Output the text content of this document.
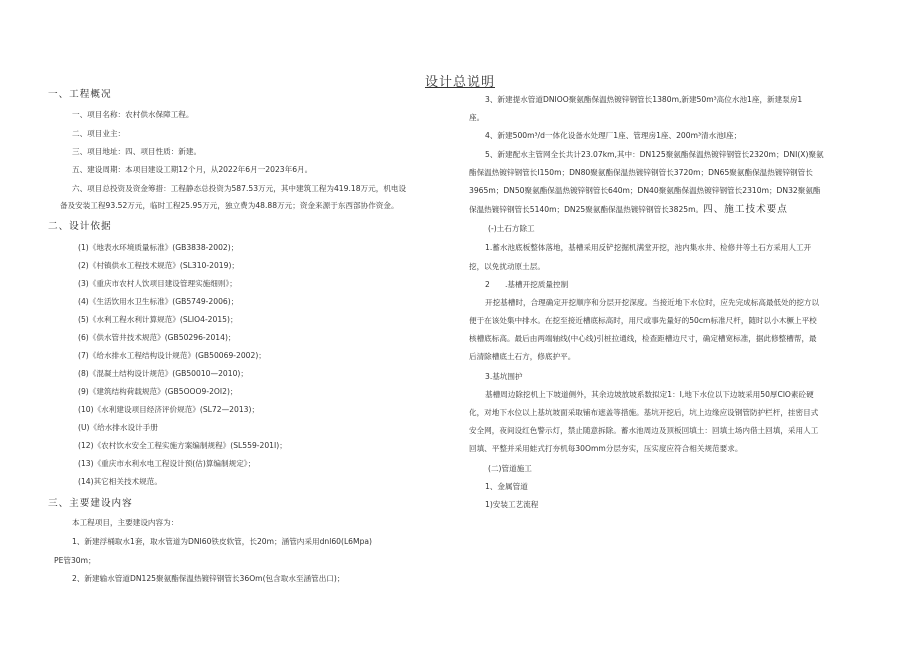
设计总说明
一、工程概况
一、项目名称：农村供水保障工程。
二、项目业主：
三、项目地址：四、项目性质：新建。
五、建设周期：本项目建设工期12个月，从2022年6月一2023年6月。
六、项目总投资及资金筹措：工程静态总投资为587.53万元，其中建筑工程为419.18万元，机电设
备及安装工程93.52万元，临时工程25.95万元，独立费为48.88万元；资金来源于东西部协作资金。
二、设计依据
(1)《地表水环境质量标准》(GB3838-2002)；
(2)《村镇供水工程技术规范》(SL310-2019)；
(3)《重庆市农村人饮项目建设管理实施细则》；
(4)《生活饮用水卫生标准》(GB5749-2006)；
(5)《水利工程水利计算规范》(SLIO4-2015)；
(6)《供水管井技术规范》(GB50296-2014)；
(7)《给水排水工程结构设计规范》(GB50069-2002)；
(8)《混凝土结构设计规范》(GB50010—2010)；
(9)《建筑结构荷载规范》(GB5OOO9-2OI2)；
(10)《水利建设项目经济评价规范》(SL72—2013)；
(U)《给水排水设计手册
(12)《农村饮水安全工程实施方案编制规程》(SL559-201I)；
(13)《重庆市水利水电工程设计预(估)算编制规定》；
(14)其它相关技术规范。
三、主要建设内容
本工程项目，主要建设内容为：
1、新建浮桶取水1套，取水管道为DNI60铁皮软管，长20m；涵管内采用dnl60(L6Mpa)
PE管30m；
2、新建输水管道DN125聚氨酯保温热镀锌钢管长36Om(包含取水至涵管出口)；
3、新建提水管道DNIOO聚氨酯保温热镀锌钢管长1380m,新建50m³高位水池1座，新建泵房1
座。
4、新建500m³/d一体化设备水处理厂1座、管理房1座、200m³清水池I座；
5、新建配水主管网全长共计23.07km,其中：DN125聚氨酯保温热镀锌钢管长2320m；DNI(X)聚氨
酯保温热镀锌钢管长I150m；DN80聚氨酯保温热镀锌钢管长3720m；DN65聚氨酯保温热镀锌钢管长
3965m；DN50聚氨酯保温热镀锌钢管长640m；DN40聚氨酯保温热镀锌钢管长2310m；DN32聚氨酯
保温热镀锌钢管长5140m；DN25聚氨酯保温热镀锌钢管长3825m。四、施工技术要点
(-)土石方除工
1.蓄水池底板整体落地，基槽采用反铲挖掘机满堂开挖，池内集水井、检修井等土石方采用人工开
挖，以免扰动原土层。
2　　.基槽开挖质量控制
开挖基槽时，合理确定开挖顺序和分层开挖深度。当接近地下水位时，应先完成标高最低处的挖方以
便于在该处集中排水。在挖至接近槽底标高时，用尺或事先量好的50cm标准尺杆，随时以小木橛上平校
核槽底标高。最后由两端轴线(中心线)引桩拉通线，检查距槽边尺寸，确定槽宽标准，据此修整槽帮，最
后清除槽底土石方，修底护平。
3.基坑围护
基槽周边除挖机上下坡道侧外，其余边坡放坡系数拟定1：I,地下水位以下边坡采用50厚ClO素砼硬
化，对地下水位以上基坑坡面采取铺布遮盖等措施。基坑开挖后，坑上边缘应设钢管防护栏杆，挂密目式
安全网，夜间设红色警示灯，禁止随意拆除。蓄水池周边及顶板回填土：回填土场内借土回填，采用人工
回填、平整并采用蛙式打夯机每30Omm分层夯实，压实度应符合相关规范要求。
(二)管道施工
1、金属管道
1)安装工艺流程
